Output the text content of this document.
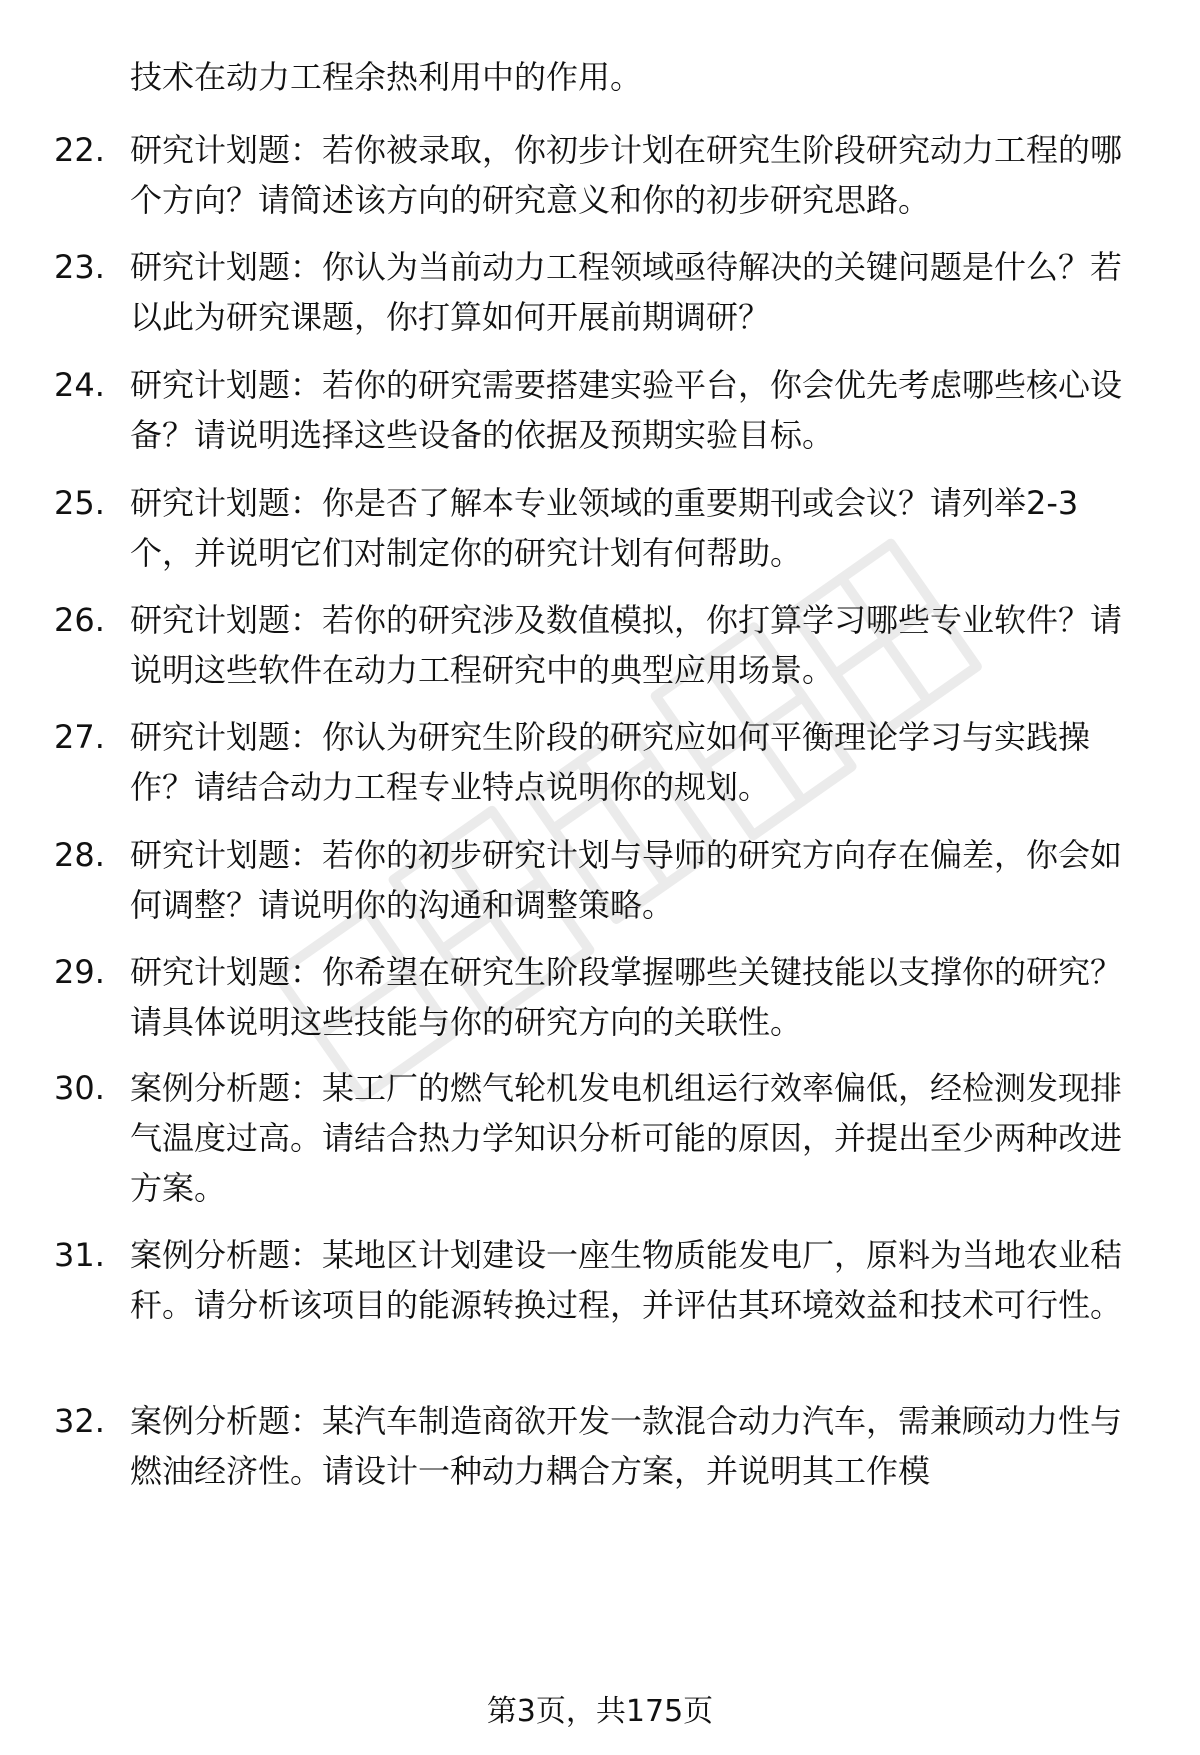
技术在动力工程余热利用中的作用。

22. 研究计划题：若你被录取，你初步计划在研究生阶段研究动力工程的哪个方向？请简述该方向的研究意义和你的初步研究思路。
23. 研究计划题：你认为当前动力工程领域亟待解决的关键问题是什么？若以此为研究课题，你打算如何开展前期调研？
24. 研究计划题：若你的研究需要搭建实验平台，你会优先考虑哪些核心设备？请说明选择这些设备的依据及预期实验目标。
25. 研究计划题：你是否了解本专业领域的重要期刊或会议？请列举2-3个，并说明它们对制定你的研究计划有何帮助。
26. 研究计划题：若你的研究涉及数值模拟，你打算学习哪些专业软件？请说明这些软件在动力工程研究中的典型应用场景。
27. 研究计划题：你认为研究生阶段的研究应如何平衡理论学习与实践操作？请结合动力工程专业特点说明你的规划。
28. 研究计划题：若你的初步研究计划与导师的研究方向存在偏差，你会如何调整？请说明你的沟通和调整策略。
29. 研究计划题：你希望在研究生阶段掌握哪些关键技能以支撑你的研究？请具体说明这些技能与你的研究方向的关联性。
30. 案例分析题：某工厂的燃气轮机发电机组运行效率偏低，经检测发现排气温度过高。请结合热力学知识分析可能的原因，并提出至少两种改进方案。
31. 案例分析题：某地区计划建设一座生物质能发电厂，原料为当地农业秸秆。请分析该项目的能源转换过程，并评估其环境效益和技术可行性。
32. 案例分析题：某汽车制造商欲开发一款混合动力汽车，需兼顾动力性与燃油经济性。请设计一种动力耦合方案，并说明其工作模
第3页，共175页
